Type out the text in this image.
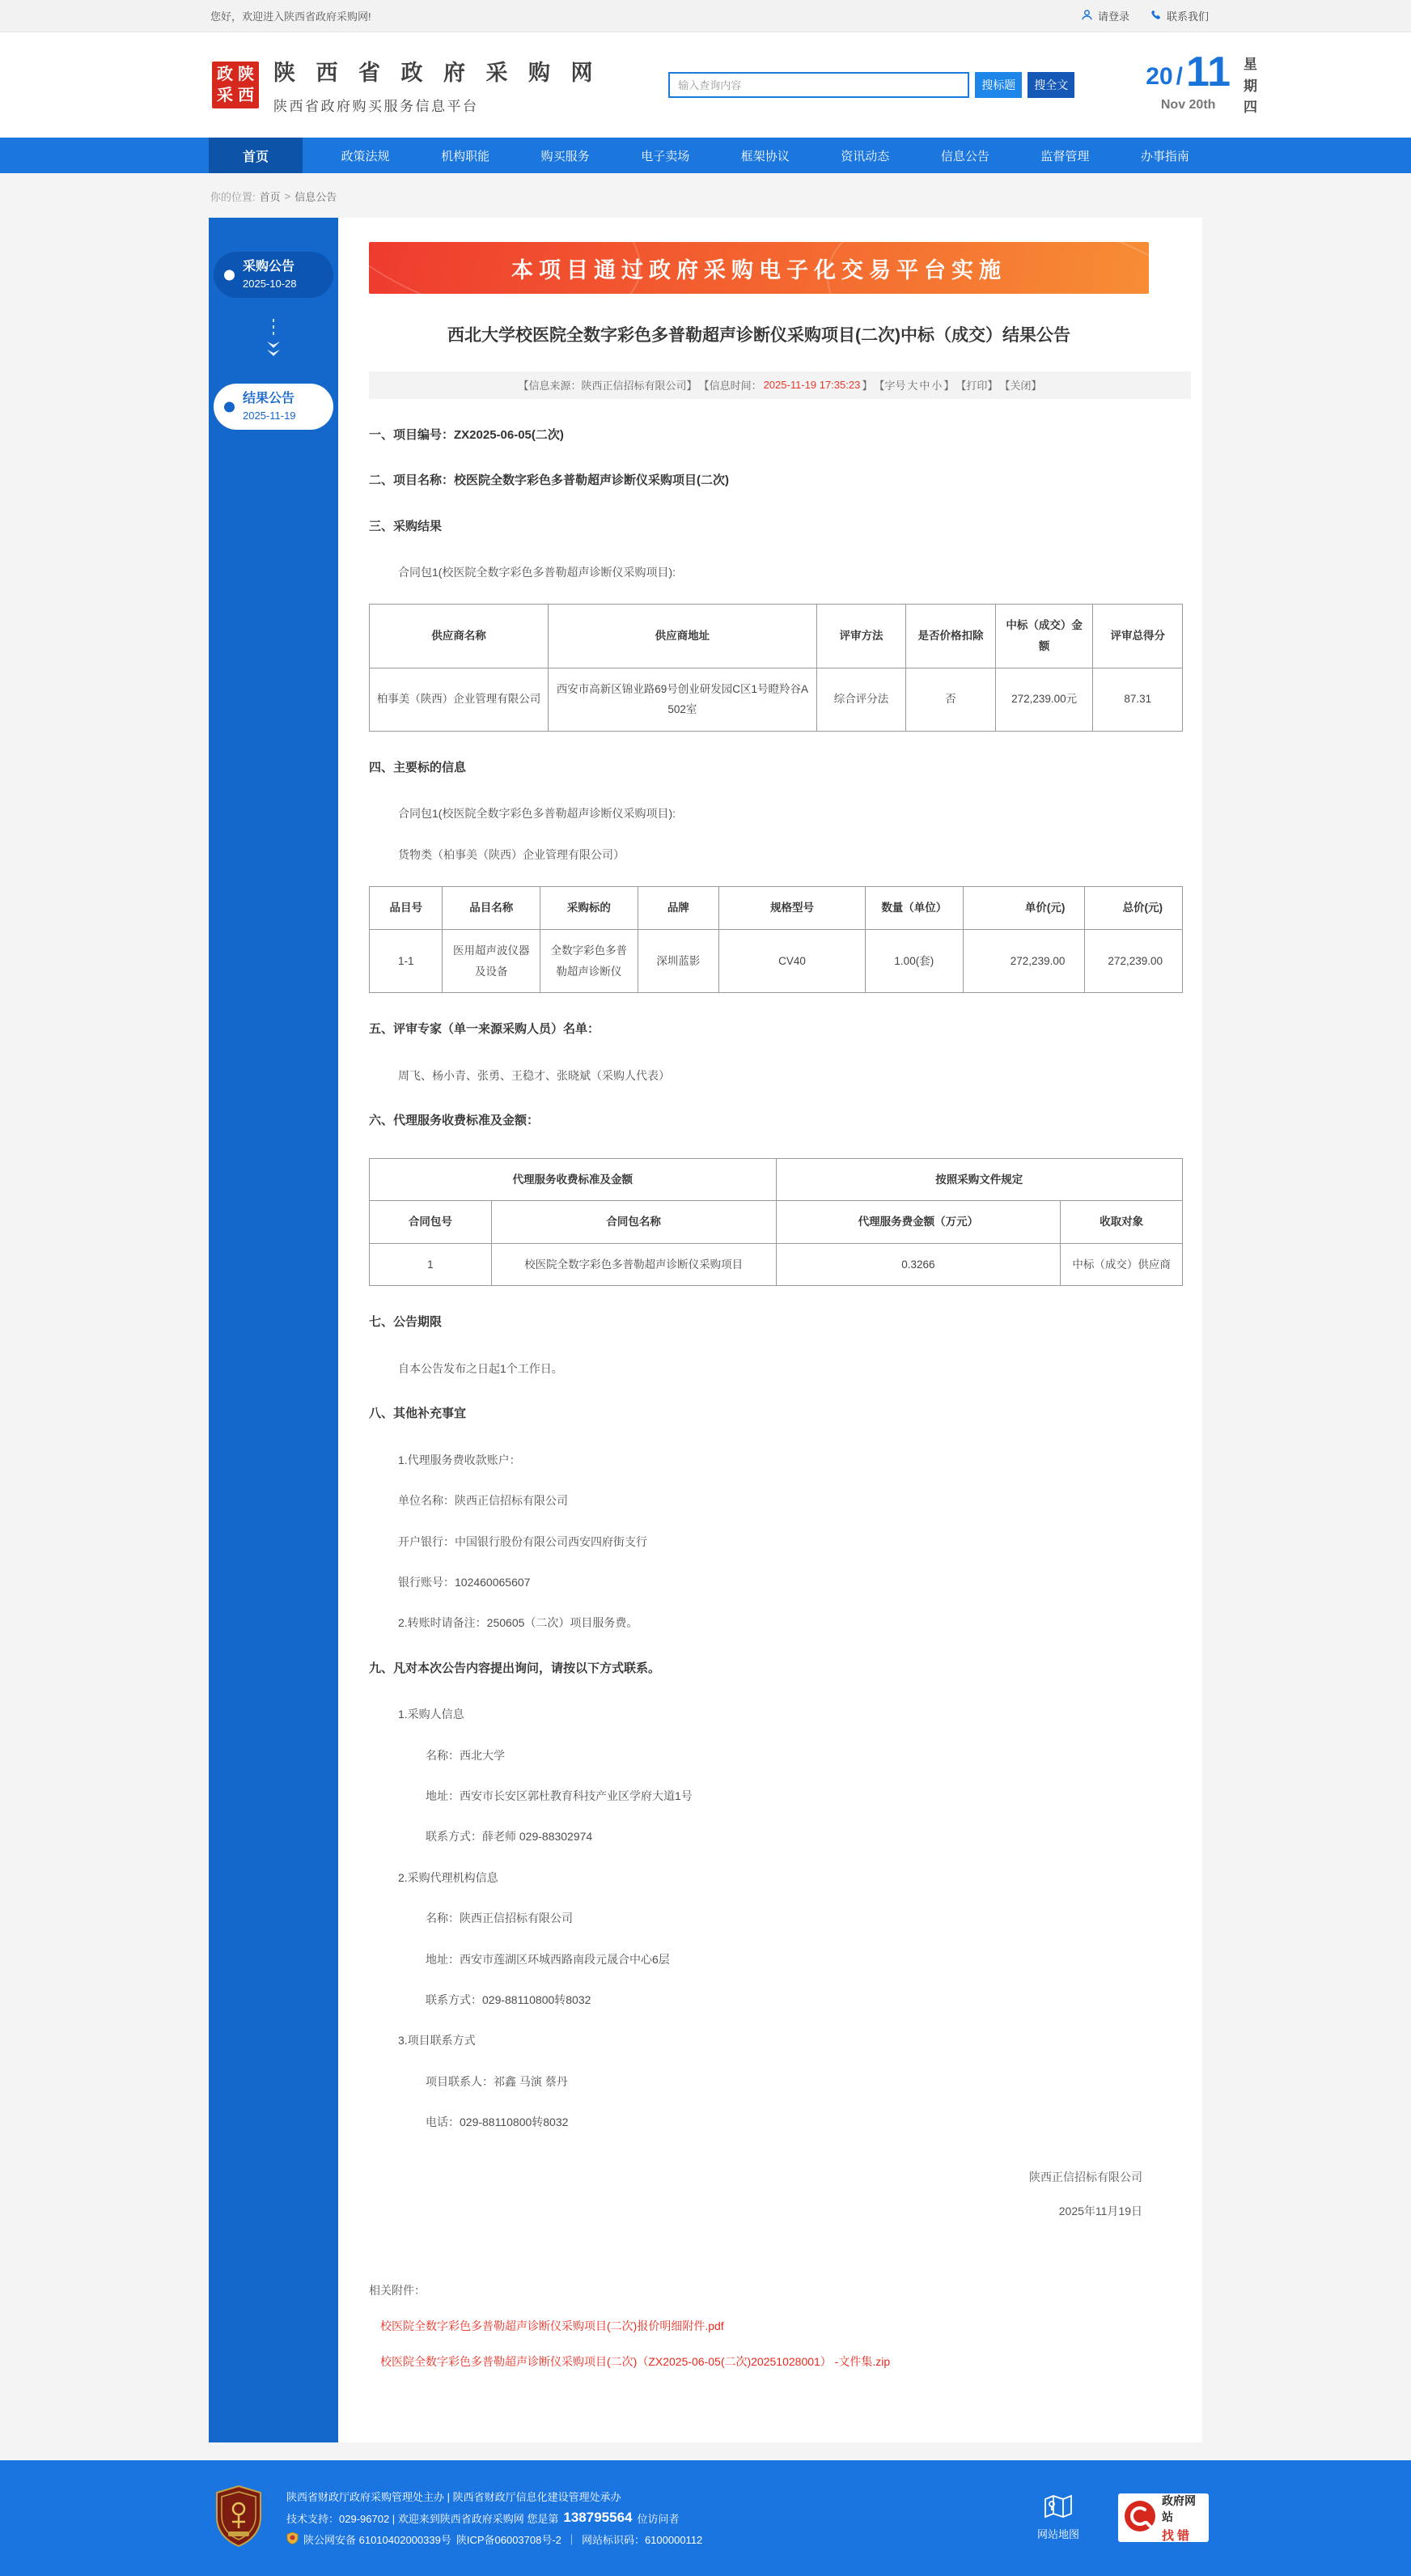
您好，欢迎进入陕西省政府采购网!	请登录	联系我们
政 陕
采 西
陕 西 省 政 府 采 购 网
陕西省政府购买服务信息平台
输入查询内容
搜标题	搜全文	20 / 11
Nov 20th
星
期
四
首页	政策法规	机构职能	购买服务	电子卖场	框架协议	资讯动态	信息公告	监督管理	办事指南
你的位置: 首页 > 信息公告
采购公告
2025-10-28
结果公告
2025-11-19
本项目通过政府采购电子化交易平台实施
西北大学校医院全数字彩色多普勒超声诊断仪采购项目(二次)中标（成交）结果公告
【信息来源：陕西正信招标有限公司】 【信息时间： 2025-11-19 17:35:23 】 【字号 大 中 小 】 【打印】 【关闭】
一、项目编号：ZX2025-06-05(二次)
二、项目名称：校医院全数字彩色多普勒超声诊断仪采购项目(二次)
三、采购结果
合同包1(校医院全数字彩色多普勒超声诊断仪采购项目):
供应商名称	供应商地址	评审方法	是否价格扣除	中标（成交）金额	评审总得分
柏事美（陕西）企业管理有限公司	西安市高新区锦业路69号创业研发园C区1号瞪羚谷A502室	综合评分法	否	272,239.00元	87.31
四、主要标的信息
合同包1(校医院全数字彩色多普勒超声诊断仪采购项目):
货物类（柏事美（陕西）企业管理有限公司）
品目号	品目名称	采购标的	品牌	规格型号	数量（单位）	单价(元)	总价(元)
1-1	医用超声波仪器及设备	全数字彩色多普勒超声诊断仪	深圳蓝影	CV40	1.00(套)	272,239.00	272,239.00
五、评审专家（单一来源采购人员）名单：
周飞、杨小青、张勇、王稳才、张晓斌（采购人代表）
六、代理服务收费标准及金额：
代理服务收费标准及金额		按照采购文件规定	
合同包号	合同包名称	代理服务费金额（万元）	收取对象
1	校医院全数字彩色多普勒超声诊断仪采购项目	0.3266	中标（成交）供应商
七、公告期限
自本公告发布之日起1个工作日。
八、其他补充事宜
1.代理服务费收款账户：
单位名称：陕西正信招标有限公司
开户银行：中国银行股份有限公司西安四府街支行
银行账号：102460065607
2.转账时请备注：250605（二次）项目服务费。
九、凡对本次公告内容提出询问，请按以下方式联系。
1.采购人信息
名称：西北大学
地址：西安市长安区郭杜教育科技产业区学府大道1号
联系方式：薛老师 029-88302974
2.采购代理机构信息
名称：陕西正信招标有限公司
地址：西安市莲湖区环城西路南段元晟合中心6层
联系方式：029-88110800转8032
3.项目联系方式
项目联系人：祁鑫 马演 蔡丹
电话：029-88110800转8032
陕西正信招标有限公司
2025年11月19日
相关附件：
校医院全数字彩色多普勒超声诊断仪采购项目(二次)报价明细附件.pdf
校医院全数字彩色多普勒超声诊断仪采购项目(二次)（ZX2025-06-05(二次)20251028001） -文件集.zip
陕西省财政厅政府采购管理处主办 | 陕西省财政厅信息化建设管理处承办
技术支持：029-96702 | 欢迎来到陕西省政府采购网 您是第 138795564 位访问者
陕公网安备 61010402000339号 陕ICP备06003708号-2 ｜ 网站标识码：6100000112	网站地图
政府网站
找错
